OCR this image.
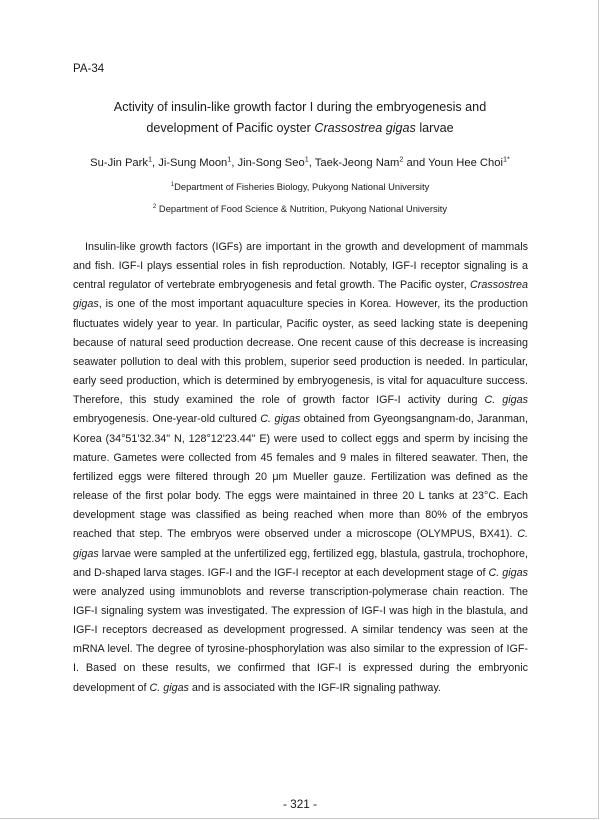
PA-34
Activity of insulin-like growth factor I during the embryogenesis and
development of Pacific oyster Crassostrea gigas larvae
Su-Jin Park$^1$, Ji-Sung Moon$^1$, Jin-Song Seo$^1$, Taek-Jeong Nam$^2$ and Youn Hee Choi$^{1*}$
$^1$Department of Fisheries Biology, Pukyong National University
$^2$ Department of Food Science & Nutrition, Pukyong National University

Insulin-like growth factors (IGFs) are important in the growth and development of mammals and fish. IGF-I plays essential roles in fish reproduction. Notably, IGF-I receptor signaling is a central regulator of vertebrate embryogenesis and fetal growth. The Pacific oyster, Crassostrea gigas, is one of the most important aquaculture species in Korea. However, its the production fluctuates widely year to year. In particular, Pacific oyster, as seed lacking state is deepening because of natural seed production decrease. One recent cause of this decrease is increasing seawater pollution to deal with this problem, superior seed production is needed. In particular, early seed production, which is determined by embryogenesis, is vital for aquaculture success. Therefore, this study examined the role of growth factor IGF-I activity during C. gigas embryogenesis. One-year-old cultured C. gigas obtained from Gyeongsangnam-do, Jaranman, Korea (34°51'32.34" N, 128°12'23.44" E) were used to collect eggs and sperm by incising the mature. Gametes were collected from 45 females and 9 males in filtered seawater. Then, the fertilized eggs were filtered through 20 μm Mueller gauze. Fertilization was defined as the release of the first polar body. The eggs were maintained in three 20 L tanks at 23°C. Each development stage was classified as being reached when more than 80% of the embryos reached that step. The embryos were observed under a microscope (OLYMPUS, BX41). C. gigas larvae were sampled at the unfertilized egg, fertilized egg, blastula, gastrula, trochophore, and D-shaped larva stages. IGF-I and the IGF-I receptor at each development stage of C. gigas were analyzed using immunoblots and reverse transcription-polymerase chain reaction. The IGF-I signaling system was investigated. The expression of IGF-I was high in the blastula, and IGF-I receptors decreased as development progressed. A similar tendency was seen at the mRNA level. The degree of tyrosine-phosphorylation was also similar to the expression of IGF-I. Based on these results, we confirmed that IGF-I is expressed during the embryonic development of C. gigas and is associated with the IGF-IR signaling pathway.

- 321 -
